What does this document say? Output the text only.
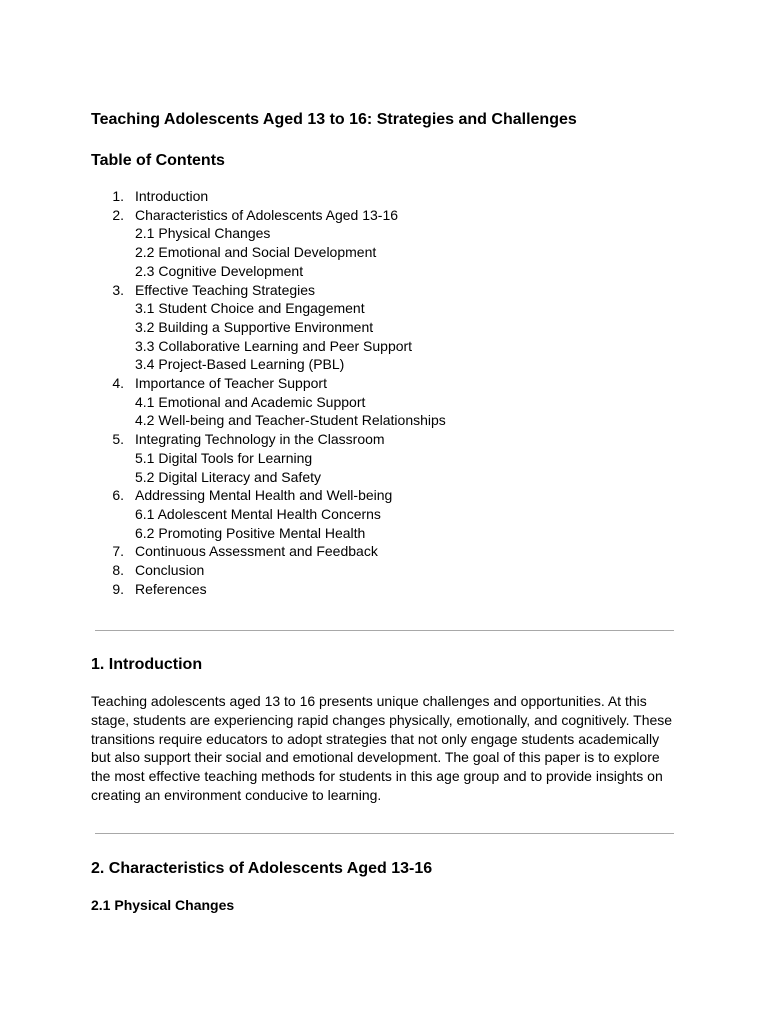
Teaching Adolescents Aged 13 to 16: Strategies and Challenges
Table of Contents
1. Introduction
2. Characteristics of Adolescents Aged 13-16
2.1 Physical Changes
2.2 Emotional and Social Development
2.3 Cognitive Development
3. Effective Teaching Strategies
3.1 Student Choice and Engagement
3.2 Building a Supportive Environment
3.3 Collaborative Learning and Peer Support
3.4 Project-Based Learning (PBL)
4. Importance of Teacher Support
4.1 Emotional and Academic Support
4.2 Well-being and Teacher-Student Relationships
5. Integrating Technology in the Classroom
5.1 Digital Tools for Learning
5.2 Digital Literacy and Safety
6. Addressing Mental Health and Well-being
6.1 Adolescent Mental Health Concerns
6.2 Promoting Positive Mental Health
7. Continuous Assessment and Feedback
8. Conclusion
9. References
1. Introduction

Teaching adolescents aged 13 to 16 presents unique challenges and opportunities. At this stage, students are experiencing rapid changes physically, emotionally, and cognitively. These transitions require educators to adopt strategies that not only engage students academically but also support their social and emotional development. The goal of this paper is to explore the most effective teaching methods for students in this age group and to provide insights on creating an environment conducive to learning.

2. Characteristics of Adolescents Aged 13-16
2.1 Physical Changes
